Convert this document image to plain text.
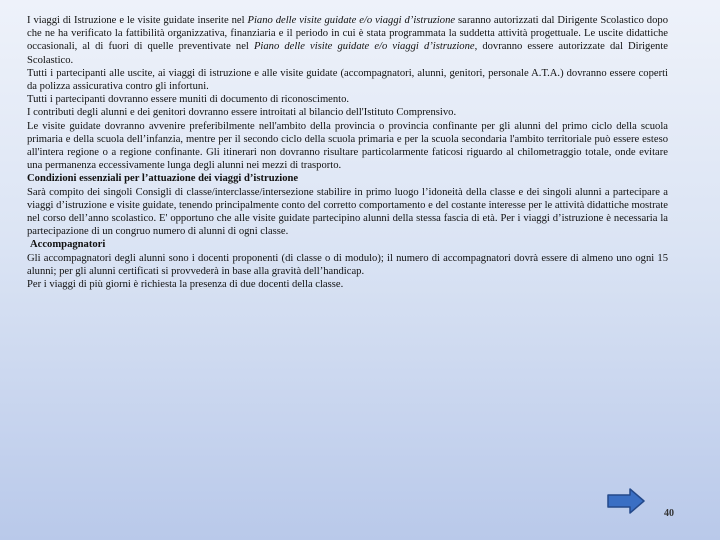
I viaggi di Istruzione e le visite guidate inserite nel Piano delle visite guidate e/o viaggi d’istruzione saranno autorizzati dal Dirigente Scolastico dopo che ne ha verificato la fattibilità organizzativa, finanziaria e il periodo in cui è stata programmata la suddetta attività progettuale. Le uscite didattiche occasionali, al di fuori di quelle preventivate nel Piano delle visite guidate e/o viaggi d’istruzione, dovranno essere autorizzate dal Dirigente Scolastico.

Tutti i partecipanti alle uscite, ai viaggi di istruzione e alle visite guidate (accompagnatori, alunni, genitori, personale A.T.A.) dovranno essere coperti da polizza assicurativa contro gli infortuni.

Tutti i partecipanti dovranno essere muniti di documento di riconoscimento.

I contributi degli alunni e dei genitori dovranno essere introitati al bilancio dell'Istituto Comprensivo.

Le visite guidate dovranno avvenire preferibilmente nell'ambito della provincia o provincia confinante per gli alunni del primo ciclo della scuola primaria e della scuola dell’infanzia, mentre per il secondo ciclo della scuola primaria e per la scuola secondaria l'ambito territoriale può essere esteso all'intera regione o a regione confinante. Gli itinerari non dovranno risultare particolarmente faticosi riguardo al chilometraggio totale, onde evitare una permanenza eccessivamente lunga degli alunni nei mezzi di trasporto.

Condizioni essenziali per l’attuazione dei viaggi d’istruzione

Sarà compito dei singoli Consigli di classe/interclasse/intersezione stabilire in primo luogo l’idoneità della classe e dei singoli alunni a partecipare a viaggi d’istruzione e visite guidate, tenendo principalmente conto del corretto comportamento e del costante interesse per le attività didattiche mostrate nel corso dell’anno scolastico. E' opportuno che alle visite guidate partecipino alunni della stessa fascia di età. Per i viaggi d’istruzione è necessaria la partecipazione di un congruo numero di alunni di ogni classe.

Accompagnatori

Gli accompagnatori degli alunni sono i docenti proponenti (di classe o di modulo); il numero di accompagnatori dovrà essere di almeno uno ogni 15 alunni; per gli alunni certificati si provvederà in base alla gravità dell’handicap.

Per i viaggi di più giorni è richiesta la presenza di due docenti della classe.

40
